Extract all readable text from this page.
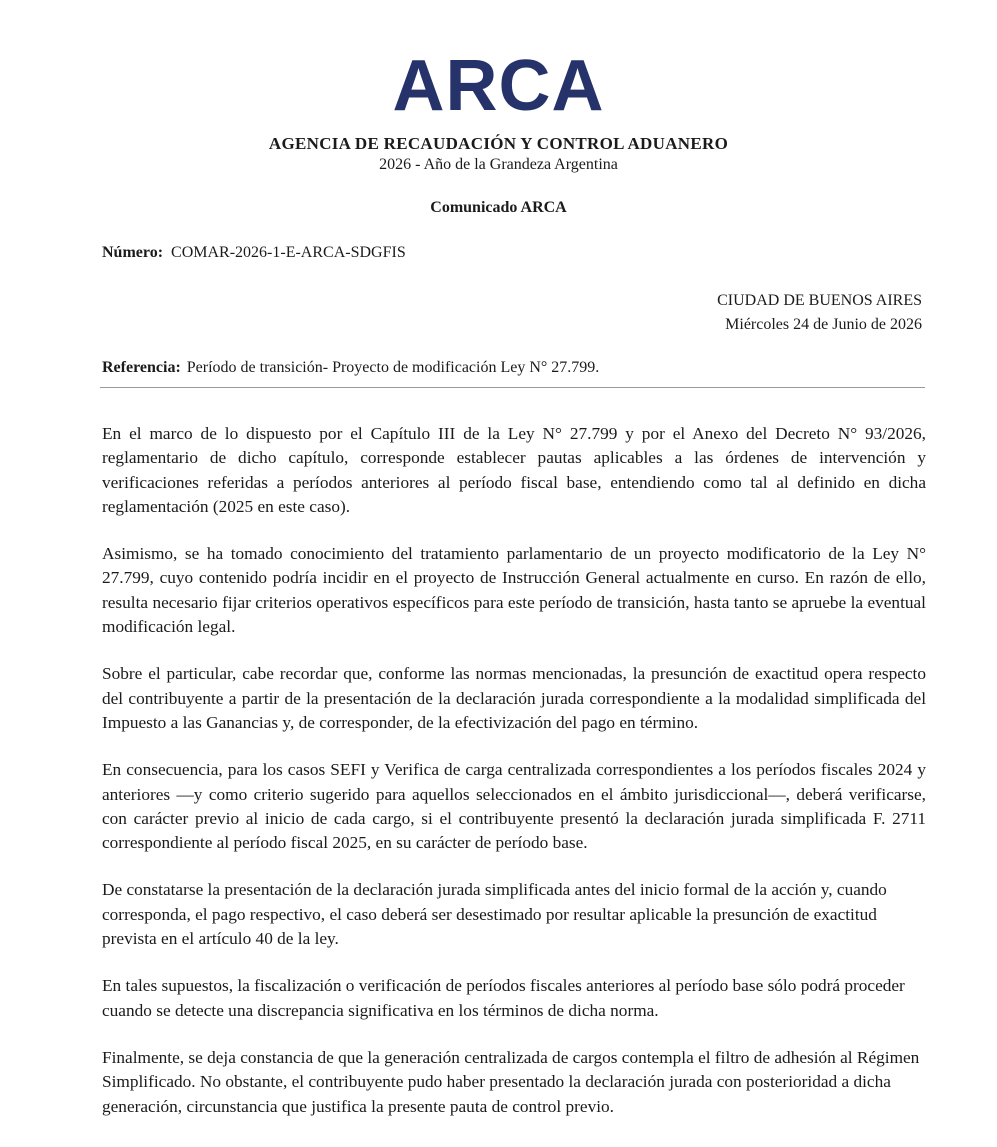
ARCA
AGENCIA DE RECAUDACIÓN Y CONTROL ADUANERO
2026 - Año de la Grandeza Argentina
Comunicado ARCA
Número: COMAR-2026-1-E-ARCA-SDGFIS
CIUDAD DE BUENOS AIRES
Miércoles 24 de Junio de 2026
Referencia: Período de transición- Proyecto de modificación Ley N° 27.799.

En el marco de lo dispuesto por el Capítulo III de la Ley N° 27.799 y por el Anexo del Decreto N° 93/2026, reglamentario de dicho capítulo, corresponde establecer pautas aplicables a las órdenes de intervención y verificaciones referidas a períodos anteriores al período fiscal base, entendiendo como tal al definido en dicha reglamentación (2025 en este caso).

Asimismo, se ha tomado conocimiento del tratamiento parlamentario de un proyecto modificatorio de la Ley N° 27.799, cuyo contenido podría incidir en el proyecto de Instrucción General actualmente en curso. En razón de ello, resulta necesario fijar criterios operativos específicos para este período de transición, hasta tanto se apruebe la eventual modificación legal.

Sobre el particular, cabe recordar que, conforme las normas mencionadas, la presunción de exactitud opera respecto del contribuyente a partir de la presentación de la declaración jurada correspondiente a la modalidad simplificada del Impuesto a las Ganancias y, de corresponder, de la efectivización del pago en término.

En consecuencia, para los casos SEFI y Verifica de carga centralizada correspondientes a los períodos fiscales 2024 y anteriores —y como criterio sugerido para aquellos seleccionados en el ámbito jurisdiccional—, deberá verificarse, con carácter previo al inicio de cada cargo, si el contribuyente presentó la declaración jurada simplificada F. 2711 correspondiente al período fiscal 2025, en su carácter de período base.

De constatarse la presentación de la declaración jurada simplificada antes del inicio formal de la acción y, cuando corresponda, el pago respectivo, el caso deberá ser desestimado por resultar aplicable la presunción de exactitud prevista en el artículo 40 de la ley.

En tales supuestos, la fiscalización o verificación de períodos fiscales anteriores al período base sólo podrá proceder cuando se detecte una discrepancia significativa en los términos de dicha norma.

Finalmente, se deja constancia de que la generación centralizada de cargos contempla el filtro de adhesión al Régimen Simplificado. No obstante, el contribuyente pudo haber presentado la declaración jurada con posterioridad a dicha generación, circunstancia que justifica la presente pauta de control previo.
